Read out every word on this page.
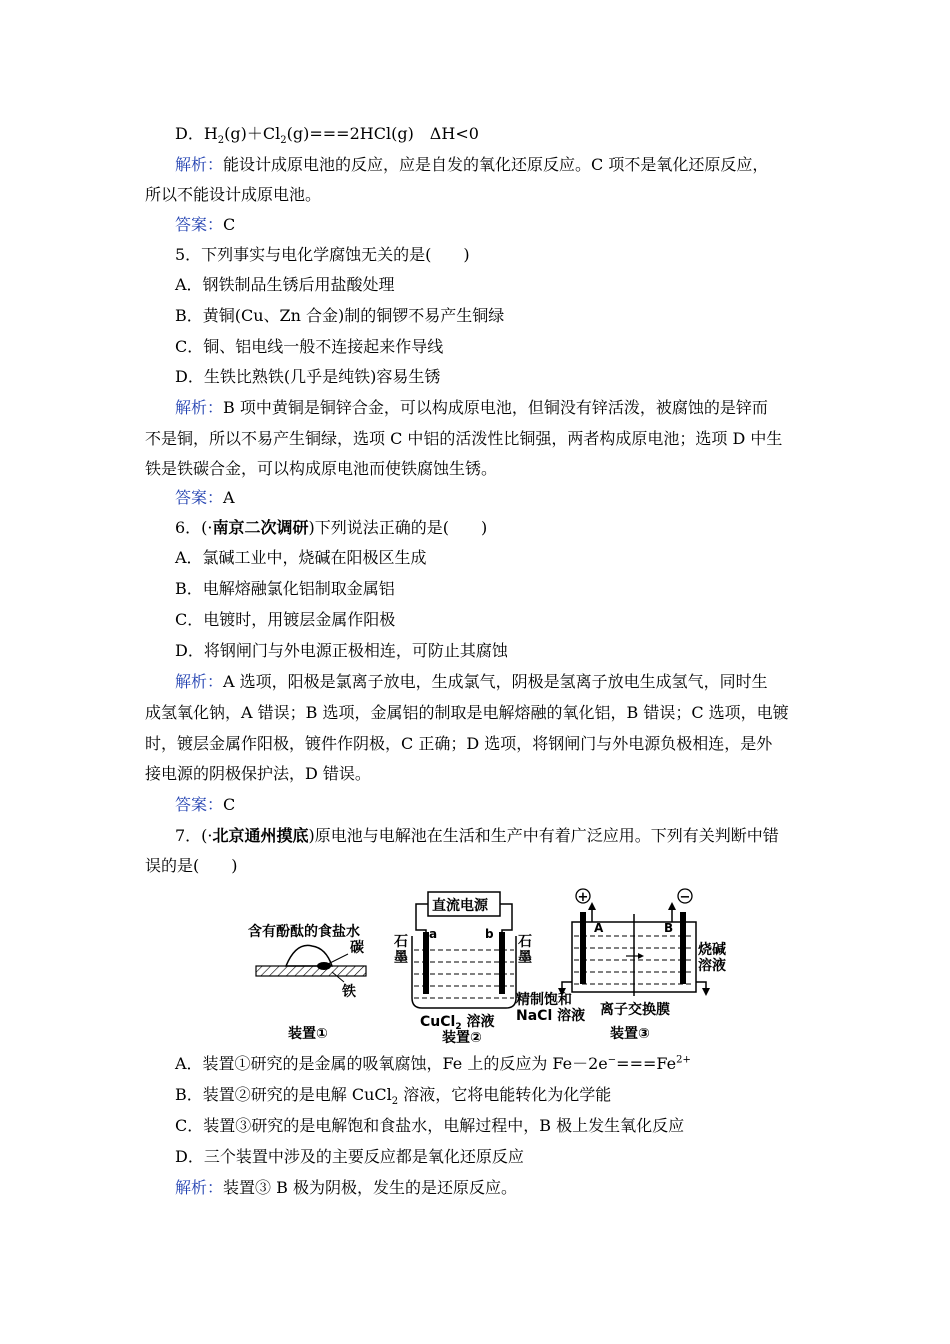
D．$H_2(g)+Cl_2(g)===2HCl(g)$　ΔH<0
解析：能设计成原电池的反应，应是自发的氧化还原反应。C 项不是氧化还原反应，
所以不能设计成原电池。
答案：C
5．下列事实与电化学腐蚀无关的是(　　)
A．钢铁制品生锈后用盐酸处理
B．黄铜(Cu、Zn 合金)制的铜锣不易产生铜绿
C．铜、铝电线一般不连接起来作导线
D．生铁比熟铁(几乎是纯铁)容易生锈
解析：B 项中黄铜是铜锌合金，可以构成原电池，但铜没有锌活泼，被腐蚀的是锌而
不是铜，所以不易产生铜绿，选项 C 中铝的活泼性比铜强，两者构成原电池；选项 D 中生
铁是铁碳合金，可以构成原电池而使铁腐蚀生锈。
答案：A
6．(·南京二次调研)下列说法正确的是(　　)
A．氯碱工业中，烧碱在阳极区生成
B．电解熔融氯化铝制取金属铝
C．电镀时，用镀层金属作阳极
D．将钢闸门与外电源正极相连，可防止其腐蚀
解析：A 选项，阳极是氯离子放电，生成氯气，阴极是氢离子放电生成氢气，同时生
成氢氧化钠，A 错误；B 选项，金属铝的制取是电解熔融的氧化铝，B 错误；C 选项，电镀
时，镀层金属作阳极，镀件作阴极，C 正确；D 选项，将钢闸门与外电源负极相连，是外
接电源的阴极保护法，D 错误。
答案：C
7．(·北京通州摸底)原电池与电解池在生活和生产中有着广泛应用。下列有关判断中错
误的是(　　)
含有酚酞的食盐水
碳
铁
装置①
直流电源
a	b
石
墨
石
墨
CuCl$_2$ 溶液
装置②
+	−
A	B
烧碱
溶液
精制饱和
NaCl 溶液 离子交换膜
装置③
A．装置①研究的是金属的吸氧腐蚀，Fe 上的反应为 $Fe-2e^-===Fe^{2+}$
B．装置②研究的是电解 CuCl$_2$ 溶液，它将电能转化为化学能
C．装置③研究的是电解饱和食盐水，电解过程中，B 极上发生氧化反应
D．三个装置中涉及的主要反应都是氧化还原反应
解析：装置③ B 极为阴极，发生的是还原反应。
